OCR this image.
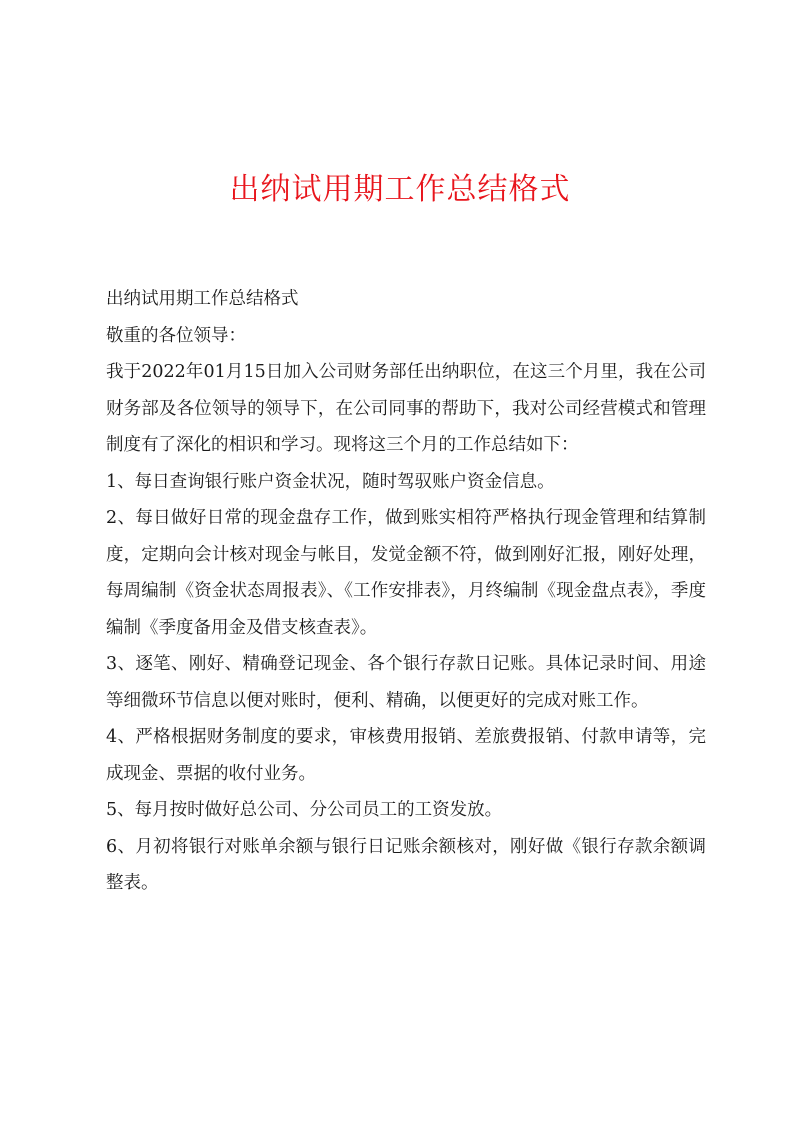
出纳试用期工作总结格式

出纳试用期工作总结格式

敬重的各位领导：

我于2022年01月15日加入公司财务部任出纳职位，在这三个月里，我在公司财务部及各位领导的领导下，在公司同事的帮助下，我对公司经营模式和管理制度有了深化的相识和学习。现将这三个月的工作总结如下：

1、每日查询银行账户资金状况，随时驾驭账户资金信息。

2、每日做好日常的现金盘存工作，做到账实相符严格执行现金管理和结算制度，定期向会计核对现金与帐目，发觉金额不符，做到刚好汇报，刚好处理，每周编制《资金状态周报表》、《工作安排表》，月终编制《现金盘点表》，季度编制《季度备用金及借支核查表》。

3、逐笔、刚好、精确登记现金、各个银行存款日记账。具体记录时间、用途等细微环节信息以便对账时，便利、精确，以便更好的完成对账工作。

4、严格根据财务制度的要求，审核费用报销、差旅费报销、付款申请等，完成现金、票据的收付业务。

5、每月按时做好总公司、分公司员工的工资发放。

6、月初将银行对账单余额与银行日记账余额核对，刚好做《银行存款余额调整表。
